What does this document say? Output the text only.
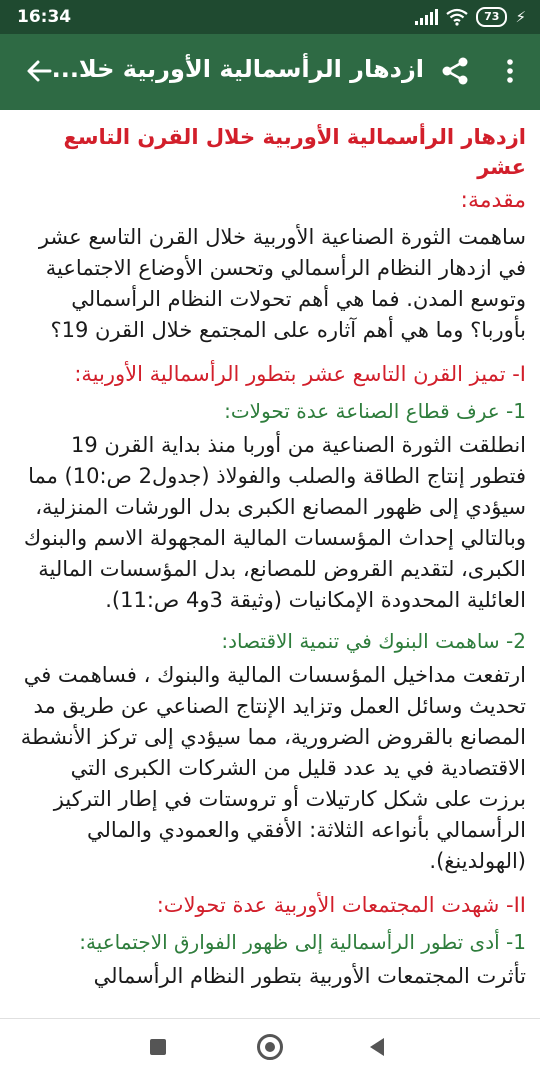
16:34	73	⚡
ازدهار الرأسمالية الأوربية خلا...

ازدهار الرأسمالية الأوربية خلال القرن التاسع عشر

مقدمة:

ساهمت الثورة الصناعية الأوربية خلال القرن التاسع عشر في ازدهار النظام الرأسمالي وتحسن الأوضاع الاجتماعية وتوسع المدن. فما هي أهم تحولات النظام الرأسمالي بأوربا؟ وما هي أهم آثاره على المجتمع خلال القرن 19؟

I- تميز القرن التاسع عشر بتطور الرأسمالية الأوربية:

1- عرف قطاع الصناعة عدة تحولات:

انطلقت الثورة الصناعية من أوربا منذ بداية القرن 19 فتطور إنتاج الطاقة والصلب والفولاذ (جدول2 ص:10) مما سيؤدي إلى ظهور المصانع الكبرى بدل الورشات المنزلية، وبالتالي إحداث المؤسسات المالية المجهولة الاسم والبنوك الكبرى، لتقديم القروض للمصانع، بدل المؤسسات المالية العائلية المحدودة الإمكانيات (وثيقة 3و4 ص:11).

2- ساهمت البنوك في تنمية الاقتصاد:

ارتفعت مداخيل المؤسسات المالية والبنوك ، فساهمت في تحديث وسائل العمل وتزايد الإنتاج الصناعي عن طريق مد المصانع بالقروض الضرورية، مما سيؤدي إلى تركز الأنشطة الاقتصادية في يد عدد قليل من الشركات الكبرى التي برزت على شكل كارتيلات أو تروستات في إطار التركيز الرأسمالي بأنواعه الثلاثة: الأفقي والعمودي والمالي (الهولدينغ).

II- شهدت المجتمعات الأوربية عدة تحولات:

1- أدى تطور الرأسمالية إلى ظهور الفوارق الاجتماعية:

تأثرت المجتمعات الأوربية بتطور النظام الرأسمالي
